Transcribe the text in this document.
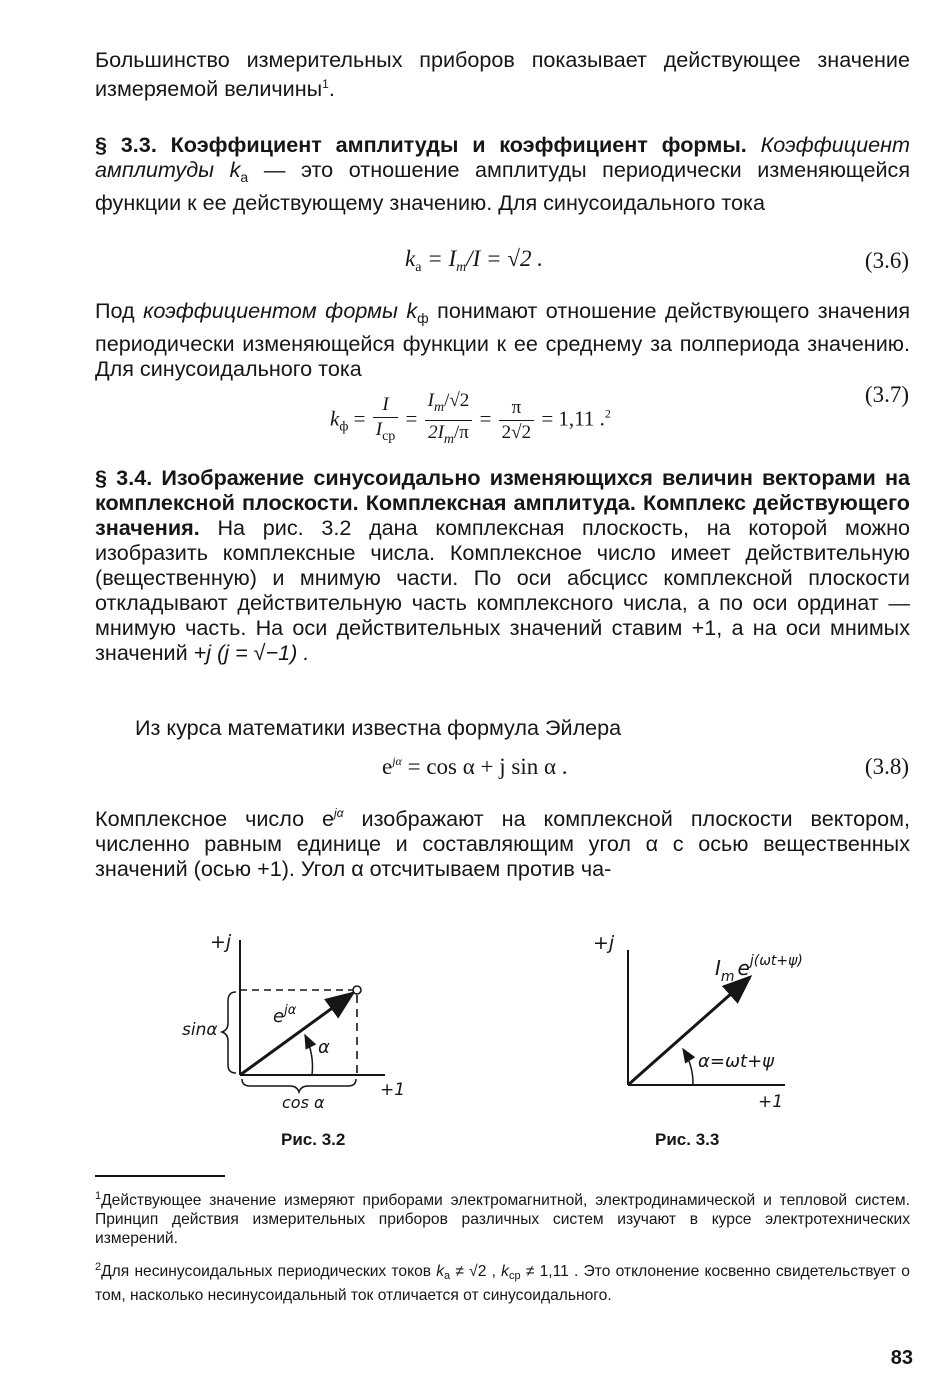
Большинство измерительных приборов показывает действующее значение измеряемой величины$^1$.

§ 3.3. Коэффициент амплитуды и коэффициент формы. Коэффициент амплитуды $k_а$ — это отношение амплитуды периодически изменяющейся функции к ее действующему значению. Для синусоидального тока

$k_а = I_m/I = √2$ .	(3.6)

Под коэффициентом формы $k_ф$ понимают отношение действующего значения периодически изменяющейся функции к ее среднему за полпериода значению. Для синусоидального тока

$k_ф = \frac{I}{I_{ср}} = \frac{I_m/√2}{2I_m/\pi} = \frac{\pi}{2√2} = 1,11$ .$^2$
(3.7)

§ 3.4. Изображение синусоидально изменяющихся величин векторами на комплексной плоскости. Комплексная амплитуда. Комплекс действующего значения. На рис. 3.2 дана комплексная плоскость, на которой можно изобразить комплексные числа. Комплексное число имеет действительную (вещественную) и мнимую части. По оси абсцисс комплексной плоскости откладывают действительную часть комплексного числа, а по оси ординат — мнимую часть. На оси действительных значений ставим +1, а на оси мнимых значений +j (j = √−1) .

Из курса математики известна формула Эйлера

$e^{j\alpha} = \cos \alpha + j$ sin α .	(3.8)

Комплексное число $e^{j\alpha}$ изображают на комплексной плоскости вектором, численно равным единице и составляющим угол α с осью вещественных значений (осью +1). Угол α отсчитываем против ча-

+j
+1
sinα
cos α
$e^{j\alpha}$
α
Рис. 3.2
+j
+1
$I_m$ $e^{j(\omega t+\psi)}$
α=ωt+ψ
Рис. 3.3

$^1$Действующее значение измеряют приборами электромагнитной, электродинамической и тепловой систем. Принцип действия измерительных приборов различных систем изучают в курсе электротехнических измерений.

$^2$Для несинусоидальных периодических токов kа ≠ √2 , kср ≠ 1,11 . Это отклонение косвенно свидетельствует о том, насколько несинусоидальный ток отличается от синусоидального.

83
